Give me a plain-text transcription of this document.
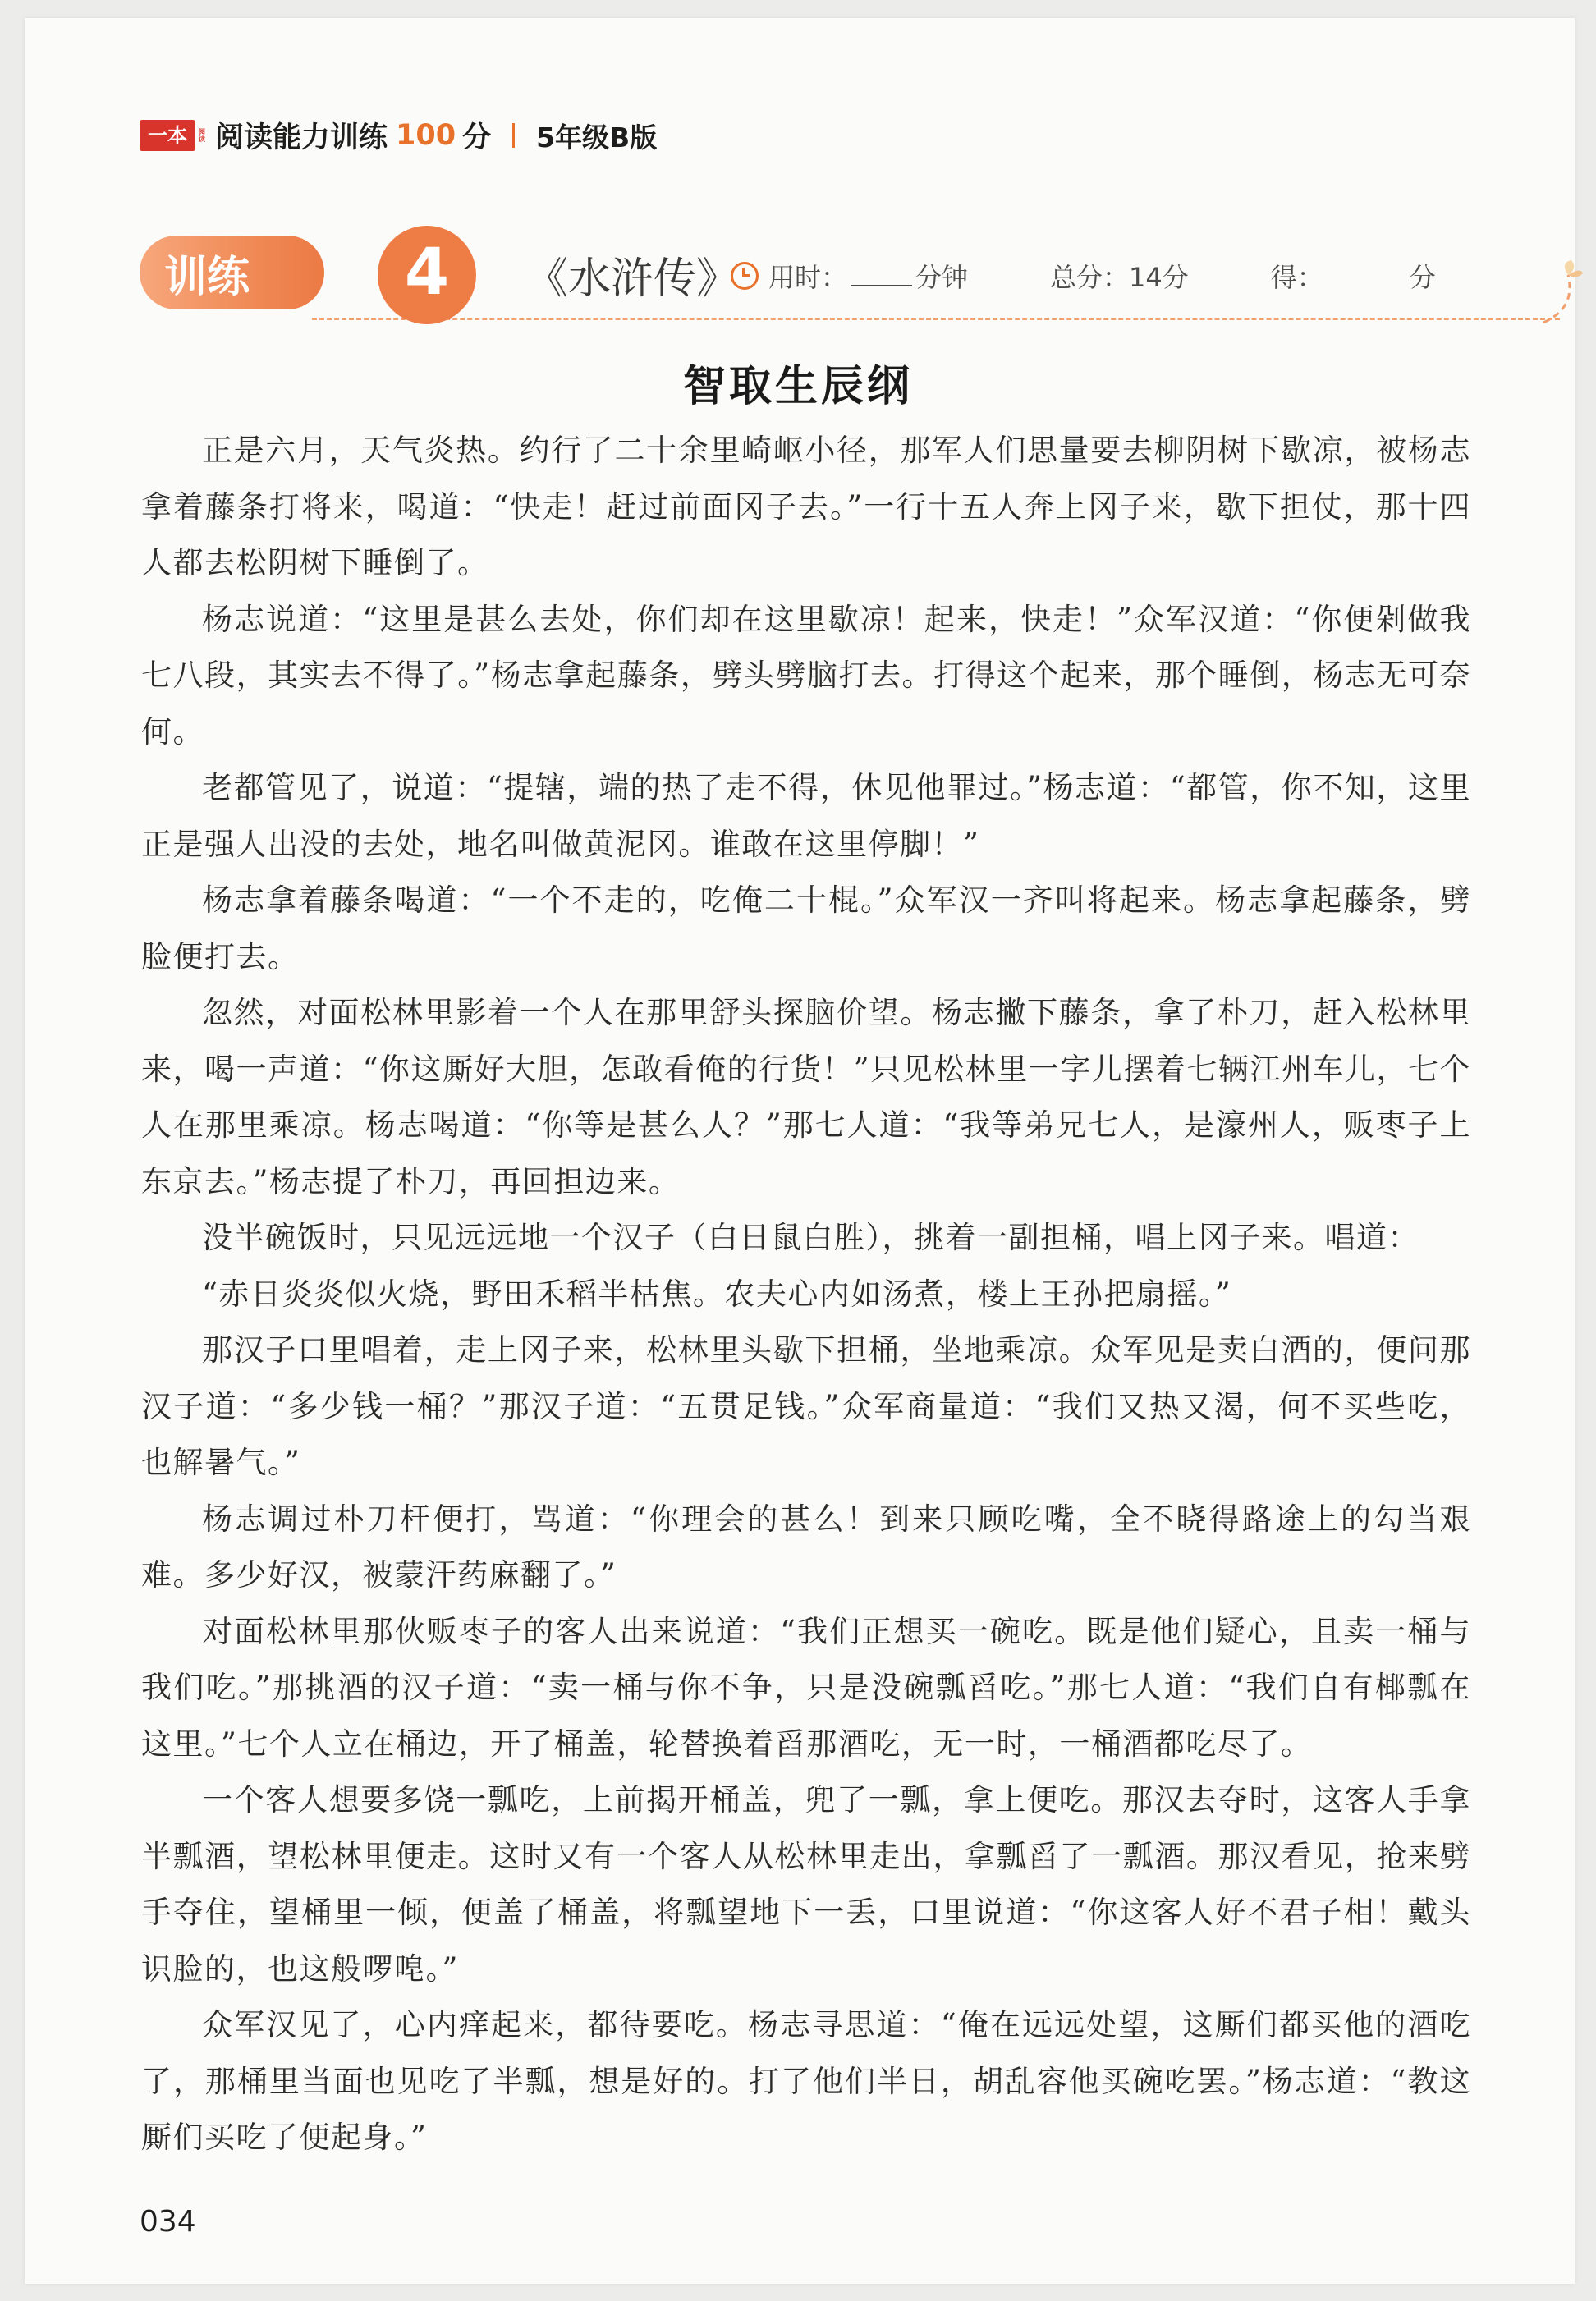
一本 阅
读 阅读能力训练 100 分 5年级B版
训练 4 《水浒传》 用时：	分钟	总分：14分	得：	分
智取生辰纲

正是六月，天气炎热。约行了二十余里崎岖小径，那军人们思量要去柳阴树下歇凉，被杨志拿着藤条打将来，喝道：“快走！赶过前面冈子去。”一行十五人奔上冈子来，歇下担仗，那十四人都去松阴树下睡倒了。

杨志说道：“这里是甚么去处，你们却在这里歇凉！起来，快走！”众军汉道：“你便剁做我七八段，其实去不得了。”杨志拿起藤条，劈头劈脑打去。打得这个起来，那个睡倒，杨志无可奈何。

老都管见了，说道：“提辖，端的热了走不得，休见他罪过。”杨志道：“都管，你不知，这里正是强人出没的去处，地名叫做黄泥冈。谁敢在这里停脚！”

杨志拿着藤条喝道：“一个不走的，吃俺二十棍。”众军汉一齐叫将起来。杨志拿起藤条，劈脸便打去。

忽然，对面松林里影着一个人在那里舒头探脑价望。杨志撇下藤条，拿了朴刀，赶入松林里来，喝一声道：“你这厮好大胆，怎敢看俺的行货！”只见松林里一字儿摆着七辆江州车儿，七个人在那里乘凉。杨志喝道：“你等是甚么人？”那七人道：“我等弟兄七人，是濠州人，贩枣子上东京去。”杨志提了朴刀，再回担边来。

没半碗饭时，只见远远地一个汉子（白日鼠白胜），挑着一副担桶，唱上冈子来。唱道：

“赤日炎炎似火烧，野田禾稻半枯焦。农夫心内如汤煮，楼上王孙把扇摇。”

那汉子口里唱着，走上冈子来，松林里头歇下担桶，坐地乘凉。众军见是卖白酒的，便问那汉子道：“多少钱一桶？”那汉子道：“五贯足钱。”众军商量道：“我们又热又渴，何不买些吃，也解暑气。”

杨志调过朴刀杆便打，骂道：“你理会的甚么！到来只顾吃嘴，全不晓得路途上的勾当艰难。多少好汉，被蒙汗药麻翻了。”

对面松林里那伙贩枣子的客人出来说道：“我们正想买一碗吃。既是他们疑心，且卖一桶与我们吃。”那挑酒的汉子道：“卖一桶与你不争，只是没碗瓢舀吃。”那七人道：“我们自有椰瓢在这里。”七个人立在桶边，开了桶盖，轮替换着舀那酒吃，无一时，一桶酒都吃尽了。

一个客人想要多饶一瓢吃，上前揭开桶盖，兜了一瓢，拿上便吃。那汉去夺时，这客人手拿半瓢酒，望松林里便走。这时又有一个客人从松林里走出，拿瓢舀了一瓢酒。那汉看见，抢来劈手夺住，望桶里一倾，便盖了桶盖，将瓢望地下一丢，口里说道：“你这客人好不君子相！戴头识脸的，也这般啰唣。”

众军汉见了，心内痒起来，都待要吃。杨志寻思道：“俺在远远处望，这厮们都买他的酒吃了，那桶里当面也见吃了半瓢，想是好的。打了他们半日，胡乱容他买碗吃罢。”杨志道：“教这厮们买吃了便起身。”

034
